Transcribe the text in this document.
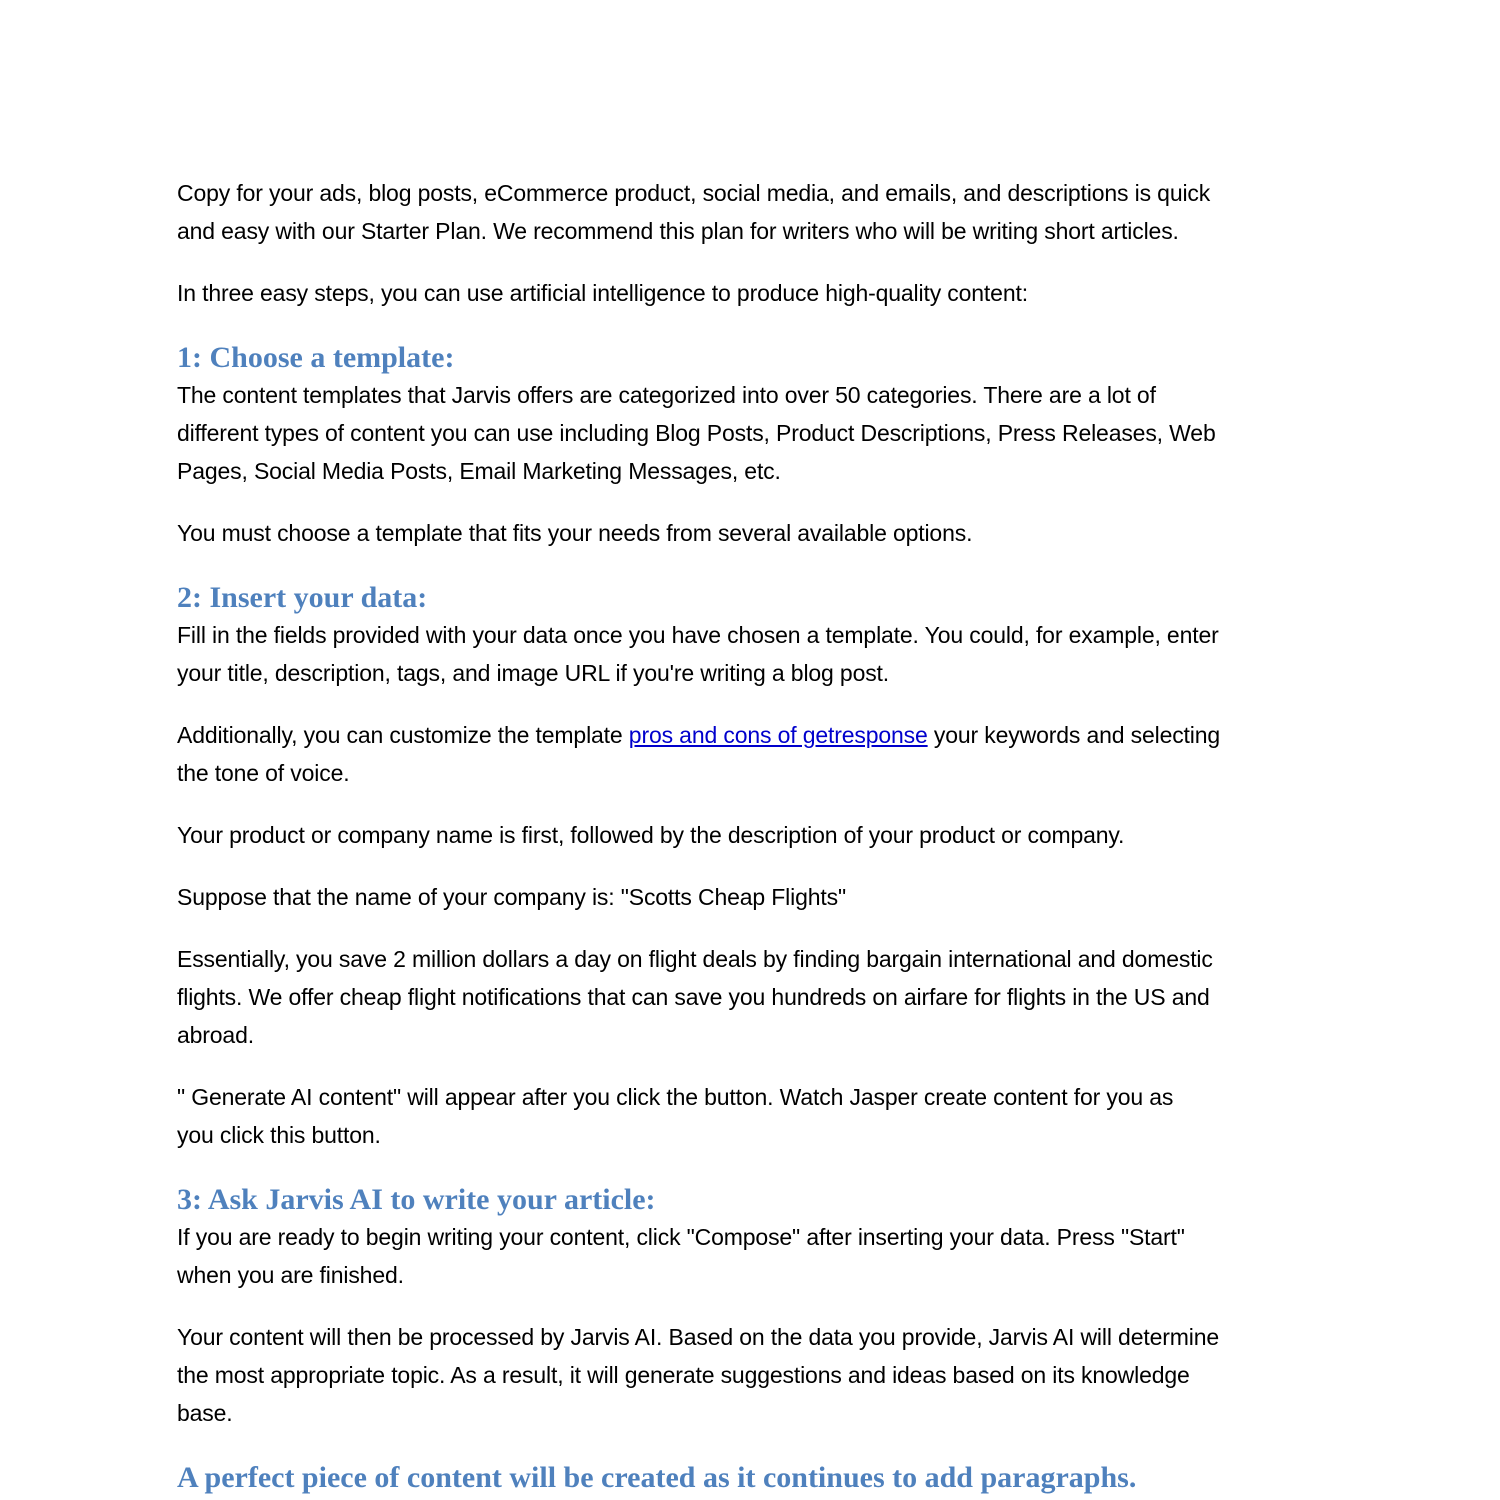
Copy for your ads, blog posts, eCommerce product, social media, and emails, and descriptions is quick
and easy with our Starter Plan. We recommend this plan for writers who will be writing short articles.

In three easy steps, you can use artificial intelligence to produce high-quality content:

1: Choose a template:

The content templates that Jarvis offers are categorized into over 50 categories. There are a lot of
different types of content you can use including Blog Posts, Product Descriptions, Press Releases, Web
Pages, Social Media Posts, Email Marketing Messages, etc.

You must choose a template that fits your needs from several available options.

2: Insert your data:

Fill in the fields provided with your data once you have chosen a template. You could, for example, enter
your title, description, tags, and image URL if you're writing a blog post.

Additionally, you can customize the template pros and cons of getresponse your keywords and selecting
the tone of voice.

Your product or company name is first, followed by the description of your product or company.

Suppose that the name of your company is: "Scotts Cheap Flights"

Essentially, you save 2 million dollars a day on flight deals by finding bargain international and domestic
flights. We offer cheap flight notifications that can save you hundreds on airfare for flights in the US and
abroad.

" Generate AI content" will appear after you click the button. Watch Jasper create content for you as
you click this button.

3: Ask Jarvis AI to write your article:

If you are ready to begin writing your content, click "Compose" after inserting your data. Press "Start"
when you are finished.

Your content will then be processed by Jarvis AI. Based on the data you provide, Jarvis AI will determine
the most appropriate topic. As a result, it will generate suggestions and ideas based on its knowledge
base.

A perfect piece of content will be created as it continues to add paragraphs.
